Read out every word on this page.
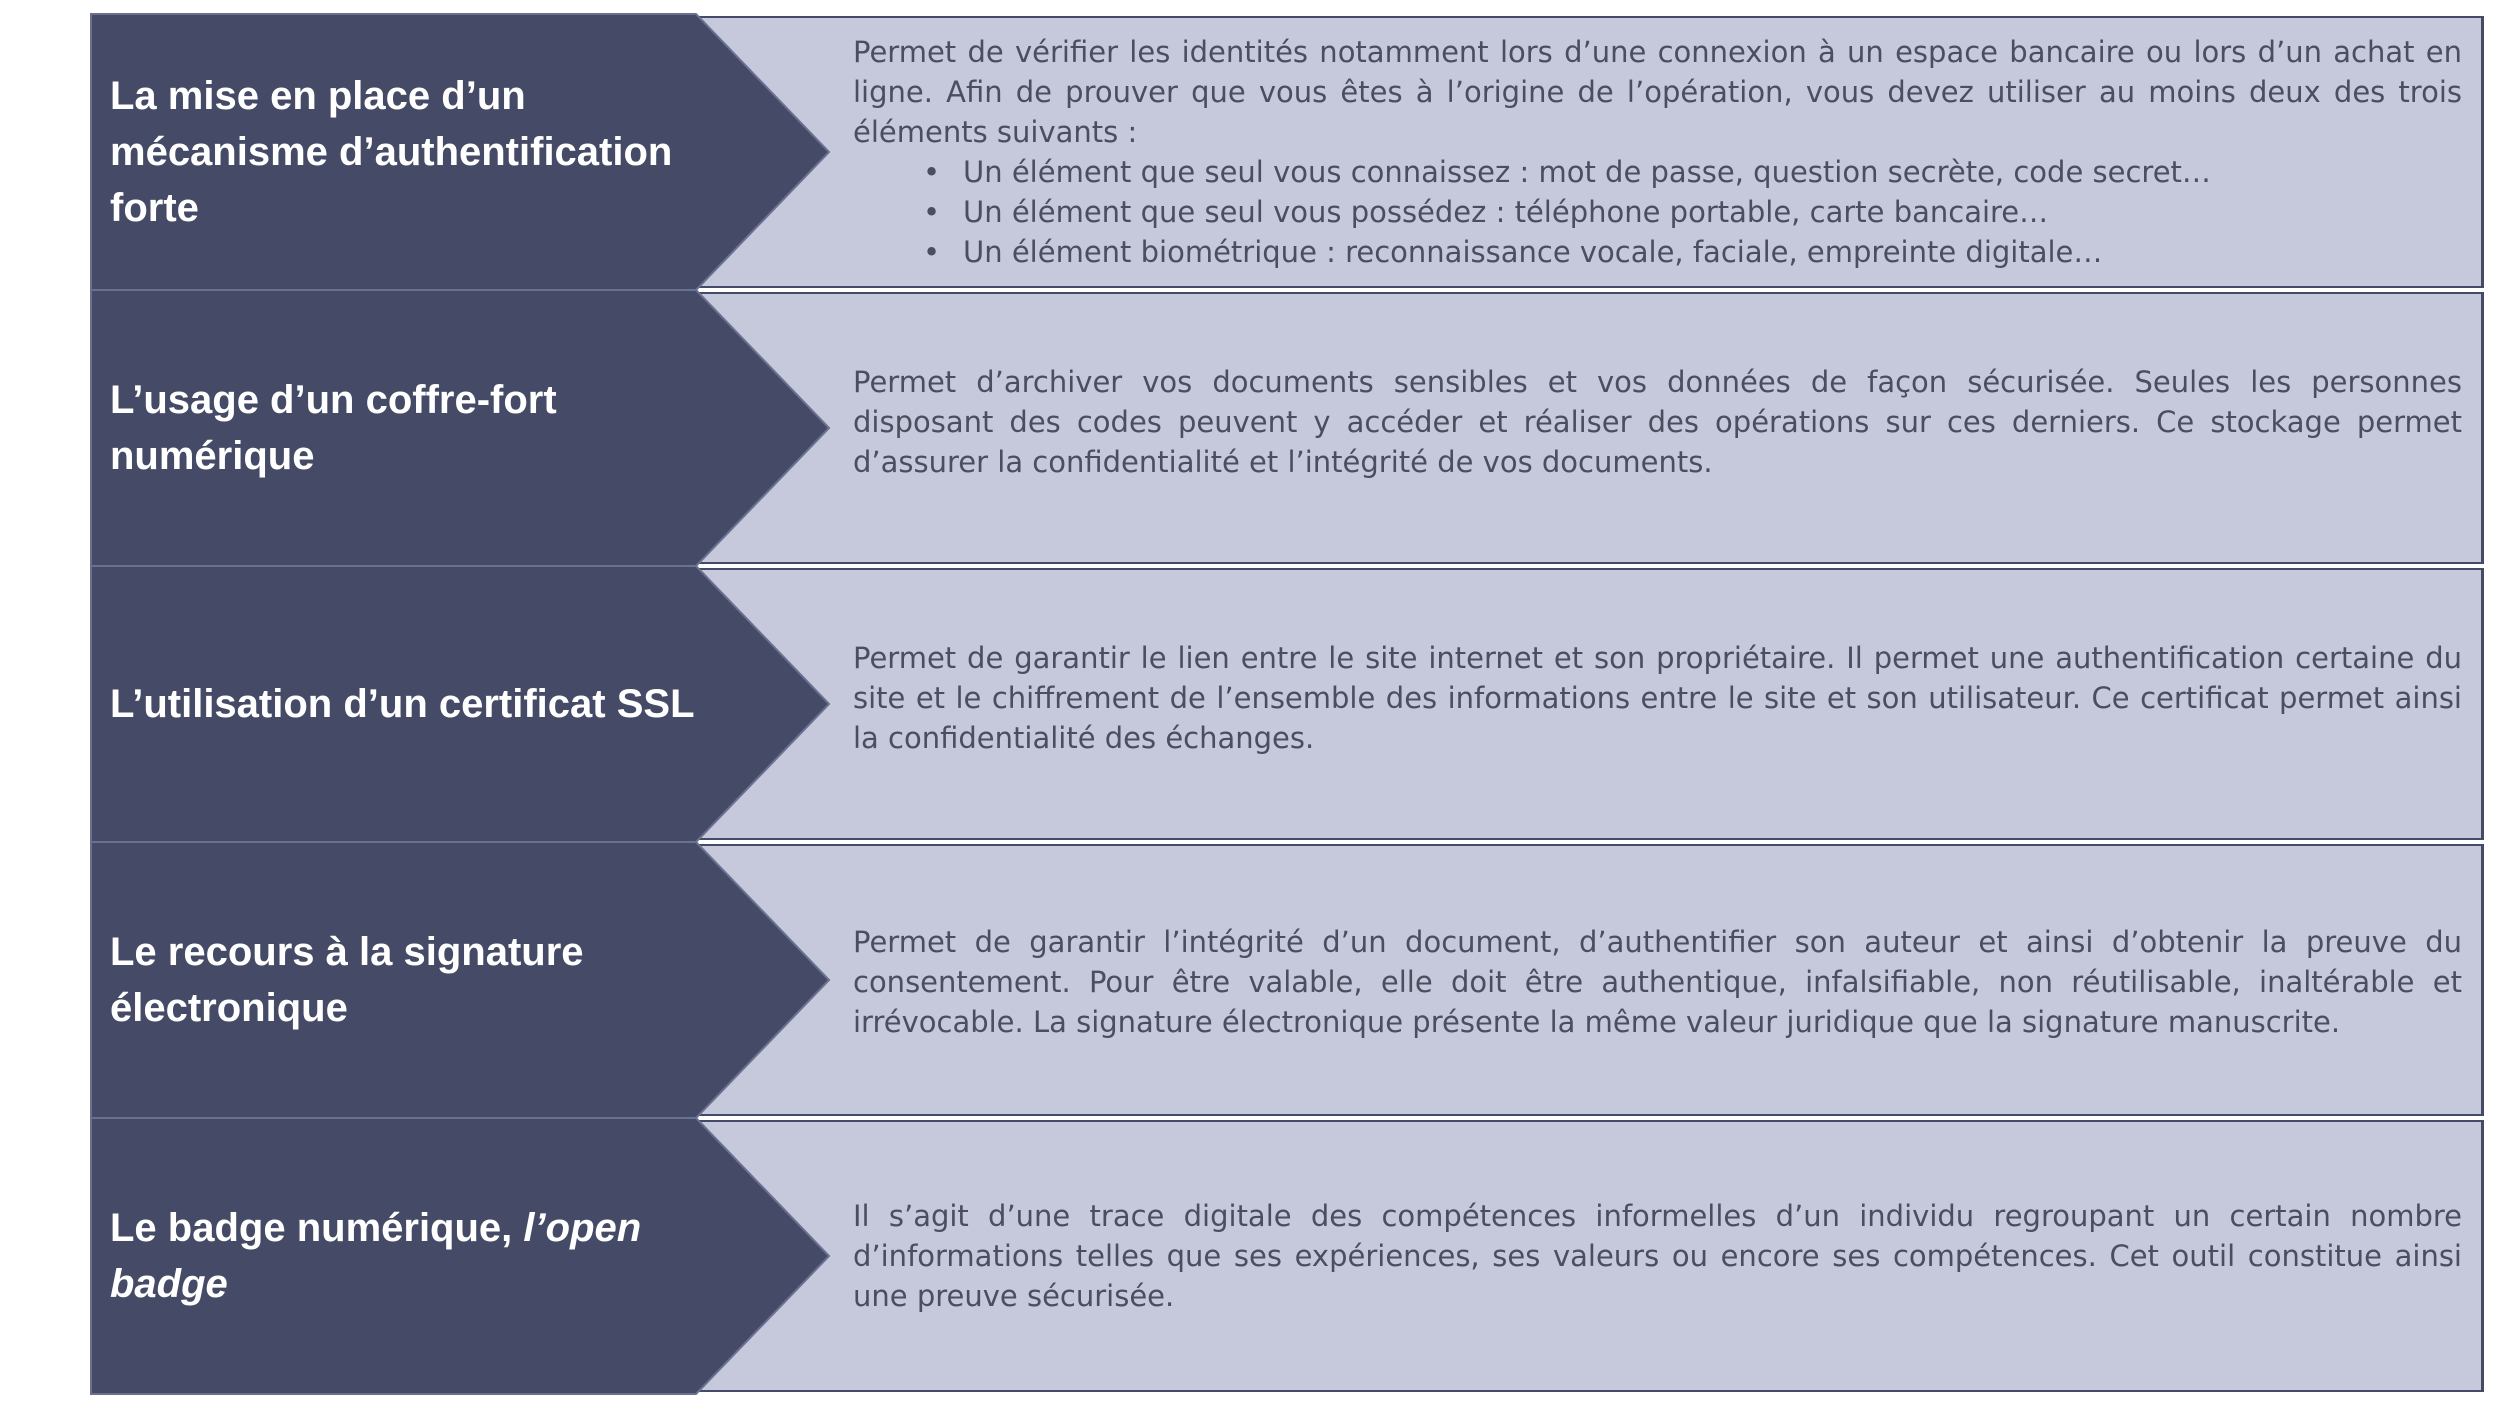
La mise en place d’un
mécanisme d’authentification
forte

Permet de vérifier les identités notamment lors d’une connexion à un espace bancaire ou lors d’un achat en ligne. Afin de prouver que vous êtes à l’origine de l’opération, vous devez utiliser au moins deux des trois éléments suivants :

• Un élément que seul vous connaissez : mot de passe, question secrète, code secret…
• Un élément que seul vous possédez : téléphone portable, carte bancaire…
• Un élément biométrique : reconnaissance vocale, faciale, empreinte digitale…
L’usage d’un coffre-fort
numérique

Permet d’archiver vos documents sensibles et vos données de façon sécurisée. Seules les personnes disposant des codes peuvent y accéder et réaliser des opérations sur ces derniers. Ce stockage permet d’assurer la confidentialité et l’intégrité de vos documents.

L’utilisation d’un certificat SSL

Permet de garantir le lien entre le site internet et son propriétaire. Il permet une authentification certaine du site et le chiffrement de l’ensemble des informations entre le site et son utilisateur. Ce certificat permet ainsi la confidentialité des échanges.

Le recours à la signature
électronique

Permet de garantir l’intégrité d’un document, d’authentifier son auteur et ainsi d’obtenir la preuve du consentement. Pour être valable, elle doit être authentique, infalsifiable, non réutilisable, inaltérable et irrévocable. La signature électronique présente la même valeur juridique que la signature manuscrite.

Le badge numérique, l’open
badge

Il s’agit d’une trace digitale des compétences informelles d’un individu regroupant un certain nombre d’informations telles que ses expériences, ses valeurs ou encore ses compétences. Cet outil constitue ainsi une preuve sécurisée.
